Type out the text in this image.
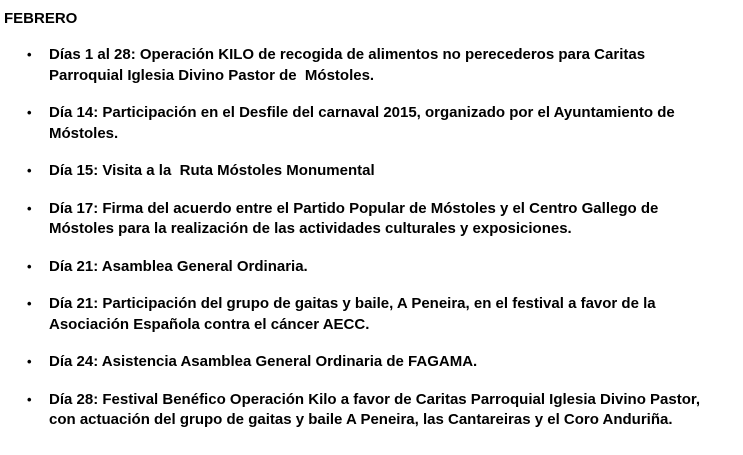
FEBRERO
• Días 1 al 28: Operación KILO de recogida de alimentos no perecederos para Caritas
Parroquial Iglesia Divino Pastor de  Móstoles.
• Día 14: Participación en el Desfile del carnaval 2015, organizado por el Ayuntamiento de
Móstoles.
• Día 15: Visita a la  Ruta Móstoles Monumental
• Día 17: Firma del acuerdo entre el Partido Popular de Móstoles y el Centro Gallego de
Móstoles para la realización de las actividades culturales y exposiciones.
• Día 21: Asamblea General Ordinaria.
• Día 21: Participación del grupo de gaitas y baile, A Peneira, en el festival a favor de la
Asociación Española contra el cáncer AECC.
• Día 24: Asistencia Asamblea General Ordinaria de FAGAMA.
• Día 28: Festival Benéfico Operación Kilo a favor de Caritas Parroquial Iglesia Divino Pastor,
con actuación del grupo de gaitas y baile A Peneira, las Cantareiras y el Coro Anduriña.
